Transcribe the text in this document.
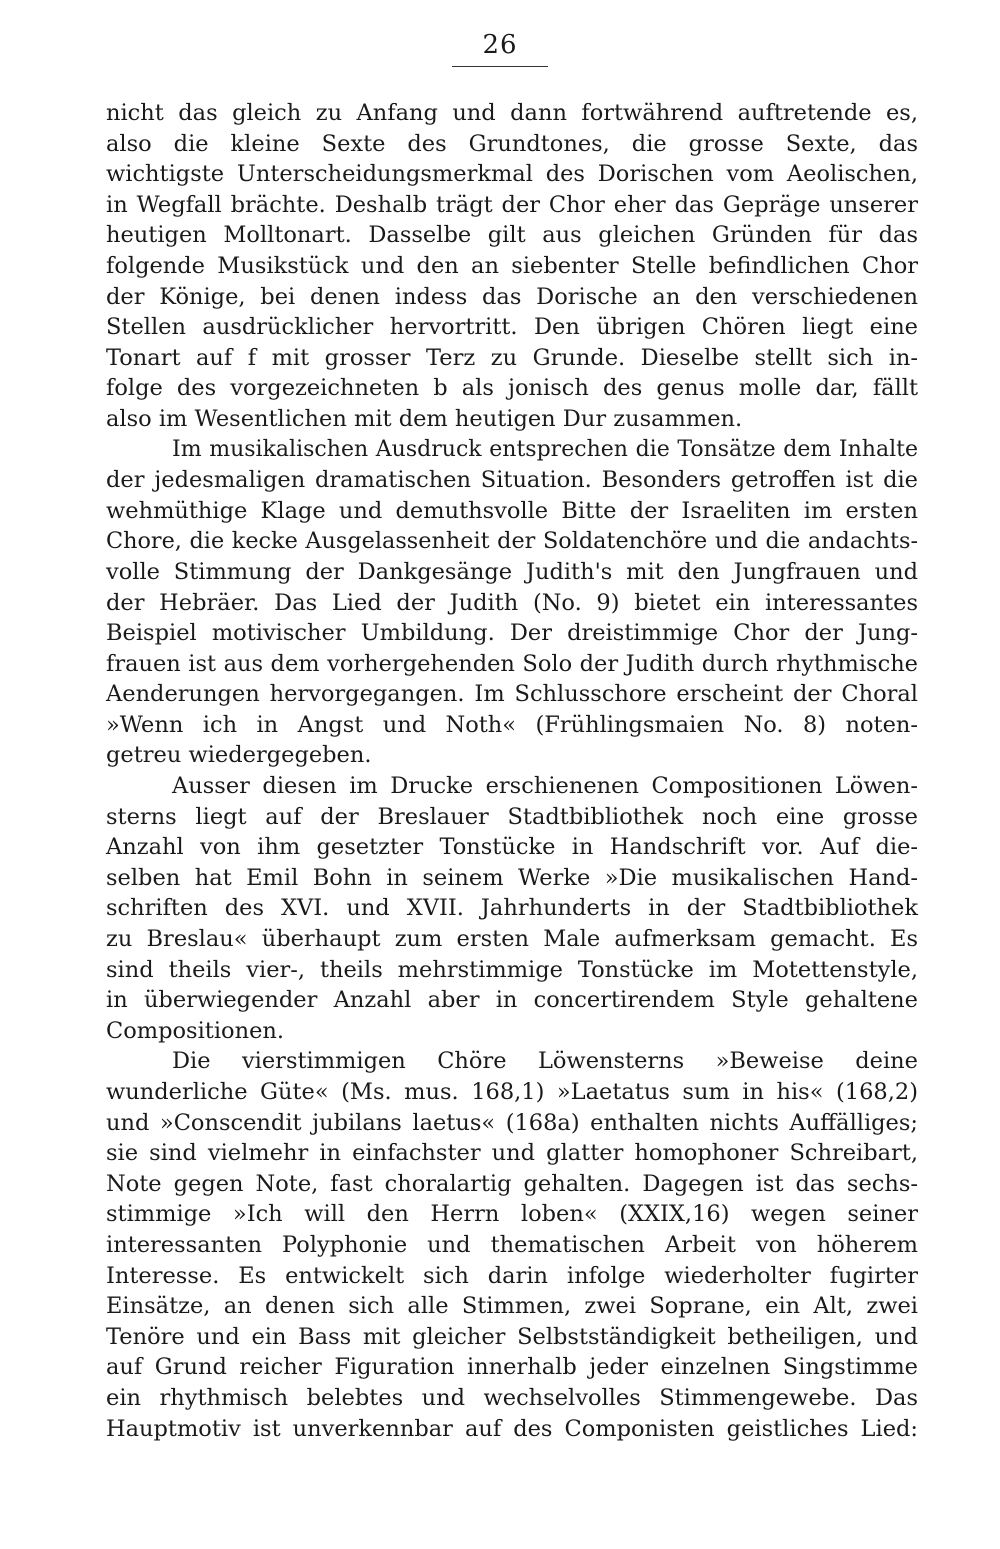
26
nicht das gleich zu Anfang und dann fortwährend auftretende es,
also die kleine Sexte des Grundtones, die grosse Sexte, das
wichtigste Unterscheidungsmerkmal des Dorischen vom Aeolischen,
in Wegfall brächte. Deshalb trägt der Chor eher das Gepräge unserer
heutigen Molltonart. Dasselbe gilt aus gleichen Gründen für das
folgende Musikstück und den an siebenter Stelle befindlichen Chor
der Könige, bei denen indess das Dorische an den verschiedenen
Stellen ausdrücklicher hervortritt. Den übrigen Chören liegt eine
Tonart auf f mit grosser Terz zu Grunde. Dieselbe stellt sich in-
folge des vorgezeichneten b als jonisch des genus molle dar, fällt
also im Wesentlichen mit dem heutigen Dur zusammen.
Im musikalischen Ausdruck entsprechen die Tonsätze dem Inhalte
der jedesmaligen dramatischen Situation. Besonders getroffen ist die
wehmüthige Klage und demuthsvolle Bitte der Israeliten im ersten
Chore, die kecke Ausgelassenheit der Soldatenchöre und die andachts-
volle Stimmung der Dankgesänge Judith's mit den Jungfrauen und
der Hebräer. Das Lied der Judith (No. 9) bietet ein interessantes
Beispiel motivischer Umbildung. Der dreistimmige Chor der Jung-
frauen ist aus dem vorhergehenden Solo der Judith durch rhythmische
Aenderungen hervorgegangen. Im Schlusschore erscheint der Choral
»Wenn ich in Angst und Noth« (Frühlingsmaien No. 8) noten-
getreu wiedergegeben.
Ausser diesen im Drucke erschienenen Compositionen Löwen-
sterns liegt auf der Breslauer Stadtbibliothek noch eine grosse
Anzahl von ihm gesetzter Tonstücke in Handschrift vor. Auf die-
selben hat Emil Bohn in seinem Werke »Die musikalischen Hand-
schriften des XVI. und XVII. Jahrhunderts in der Stadtbibliothek
zu Breslau« überhaupt zum ersten Male aufmerksam gemacht. Es
sind theils vier-, theils mehrstimmige Tonstücke im Motettenstyle,
in überwiegender Anzahl aber in concertirendem Style gehaltene
Compositionen.
Die vierstimmigen Chöre Löwensterns »Beweise deine
wunderliche Güte« (Ms. mus. 168,1) »Laetatus sum in his« (168,2)
und »Conscendit jubilans laetus« (168a) enthalten nichts Auffälliges;
sie sind vielmehr in einfachster und glatter homophoner Schreibart,
Note gegen Note, fast choralartig gehalten. Dagegen ist das sechs-
stimmige »Ich will den Herrn loben« (XXIX,16) wegen seiner
interessanten Polyphonie und thematischen Arbeit von höherem
Interesse. Es entwickelt sich darin infolge wiederholter fugirter
Einsätze, an denen sich alle Stimmen, zwei Soprane, ein Alt, zwei
Tenöre und ein Bass mit gleicher Selbstständigkeit betheiligen, und
auf Grund reicher Figuration innerhalb jeder einzelnen Singstimme
ein rhythmisch belebtes und wechselvolles Stimmengewebe. Das
Hauptmotiv ist unverkennbar auf des Componisten geistliches Lied:
